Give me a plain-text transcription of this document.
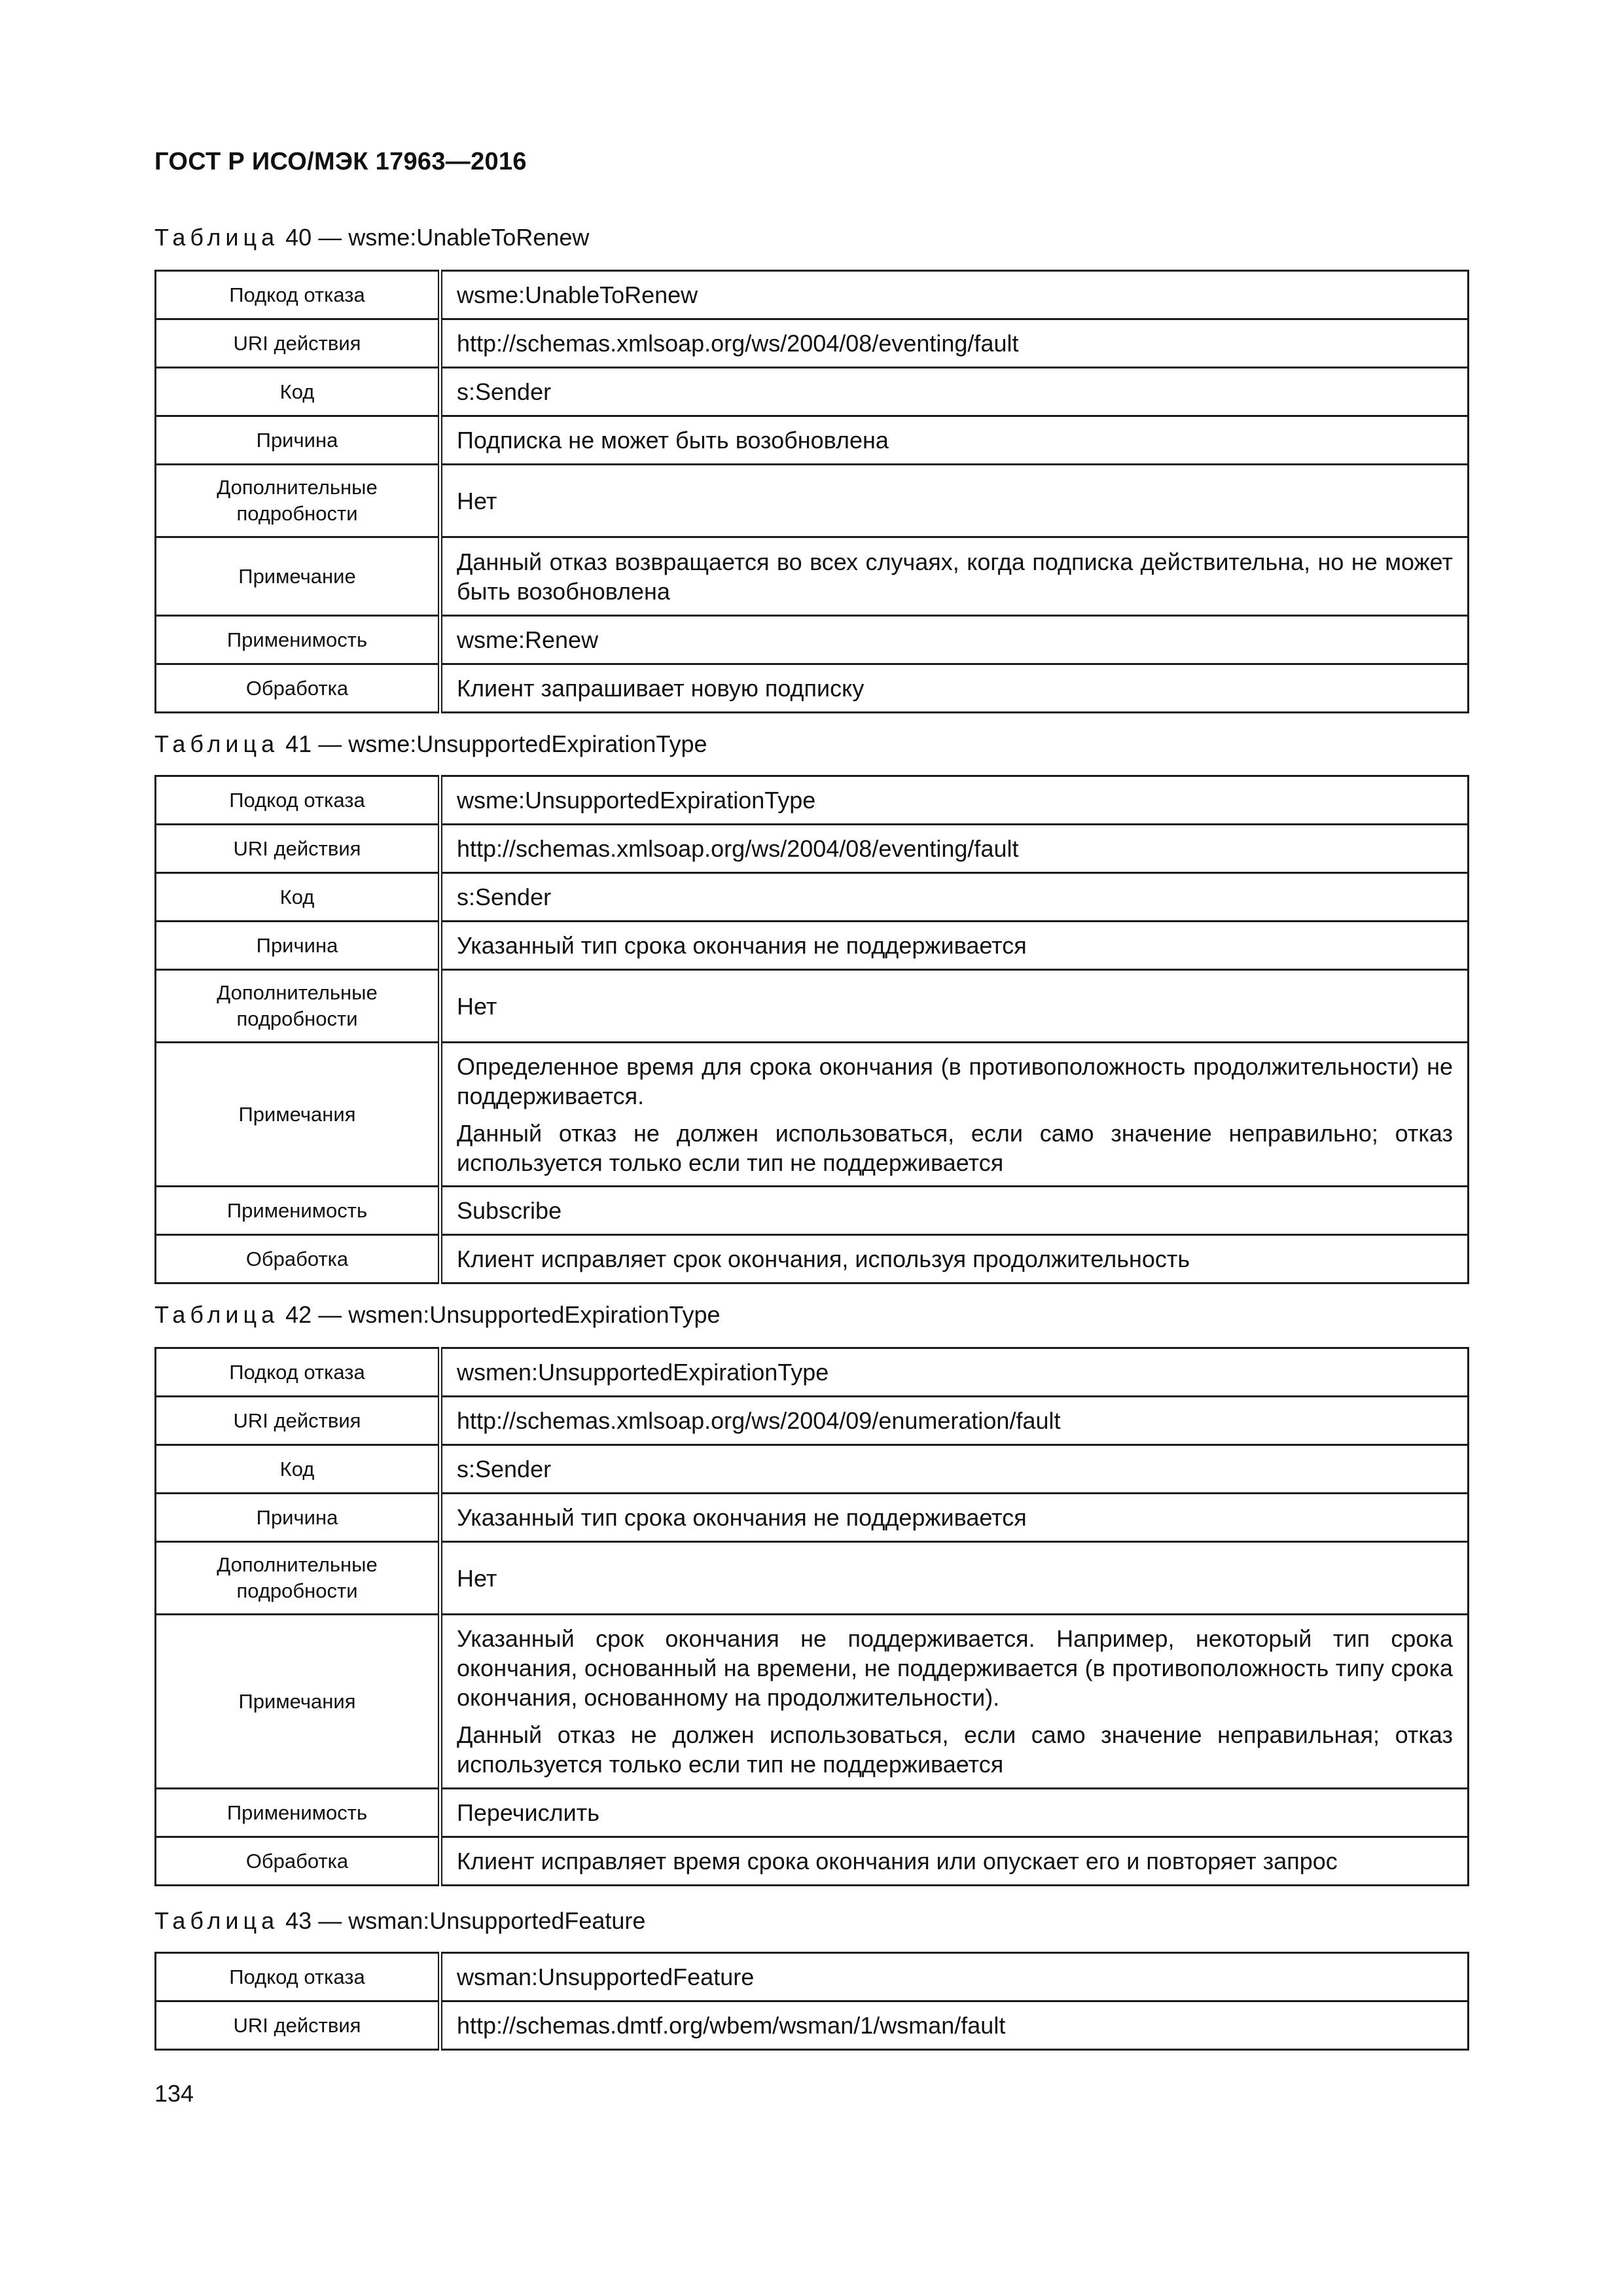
ГОСТ Р ИСО/МЭК 17963—2016
Таблица 40 — wsme:UnableToRenew
Подкод отказа	wsme:UnableToRenew

URI действия	http://schemas.xmlsoap.org/ws/2004/08/eventing/fault

Код	s:Sender

Причина	Подписка не может быть возобновлена

Дополнительные подробности	Нет

Примечание	Данный отказ возвращается во всех случаях, когда подписка действительна, но не может быть возобновлена

Применимость	wsme:Renew

Обработка	Клиент запрашивает новую подписку

Таблица 41 — wsme:UnsupportedExpirationType
Подкод отказа	wsme:UnsupportedExpirationType

URI действия	http://schemas.xmlsoap.org/ws/2004/08/eventing/fault

Код	s:Sender

Причина	Указанный тип срока окончания не поддерживается

Дополнительные подробности	Нет

Примечания	Определенное время для срока окончания (в противоположность продолжительности) не поддерживается.

Данный отказ не должен использоваться, если само значение неправильно; отказ используется только если тип не поддерживается

Применимость	Subscribe

Обработка	Клиент исправляет срок окончания, используя продолжительность

Таблица 42 — wsmen:UnsupportedExpirationType
Подкод отказа	wsmen:UnsupportedExpirationType

URI действия	http://schemas.xmlsoap.org/ws/2004/09/enumeration/fault

Код	s:Sender

Причина	Указанный тип срока окончания не поддерживается

Дополнительные подробности	Нет

Примечания	Указанный срок окончания не поддерживается. Например, некоторый тип срока окончания, основанный на времени, не поддерживается (в противоположность типу срока окончания, основанному на продолжительности).

Данный отказ не должен использоваться, если само значение неправильная; отказ используется только если тип не поддерживается

Применимость	Перечислить

Обработка	Клиент исправляет время срока окончания или опускает его и повторяет запрос

Таблица 43 — wsman:UnsupportedFeature
Подкод отказа	wsman:UnsupportedFeature

URI действия	http://schemas.dmtf.org/wbem/wsman/1/wsman/fault

134
